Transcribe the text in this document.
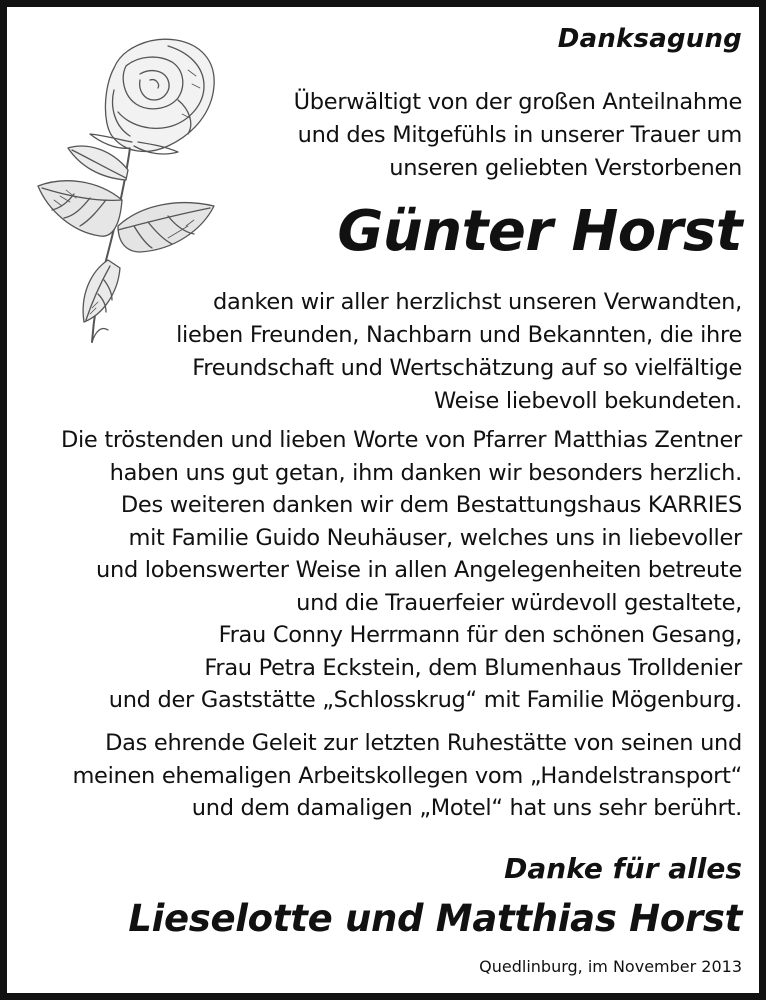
Danksagung
Überwältigt von der großen Anteilnahme
und des Mitgefühls in unserer Trauer um
unseren geliebten Verstorbenen
Günter Horst
danken wir aller herzlichst unseren Verwandten,
lieben Freunden, Nachbarn und Bekannten, die ihre
Freundschaft und Wertschätzung auf so vielfältige
Weise liebevoll bekundeten.
Die tröstenden und lieben Worte von Pfarrer Matthias Zentner
haben uns gut getan, ihm danken wir besonders herzlich.
Des weiteren danken wir dem Bestattungshaus KARRIES
mit Familie Guido Neuhäuser, welches uns in liebevoller
und lobenswerter Weise in allen Angelegenheiten betreute
und die Trauerfeier würdevoll gestaltete,
Frau Conny Herrmann für den schönen Gesang,
Frau Petra Eckstein, dem Blumenhaus Trolldenier
und der Gaststätte „Schlosskrug“ mit Familie Mögenburg.
Das ehrende Geleit zur letzten Ruhestätte von seinen und
meinen ehemaligen Arbeitskollegen vom „Handelstransport“
und dem damaligen „Motel“ hat uns sehr berührt.
Danke für alles
Lieselotte und Matthias Horst
Quedlinburg, im November 2013
